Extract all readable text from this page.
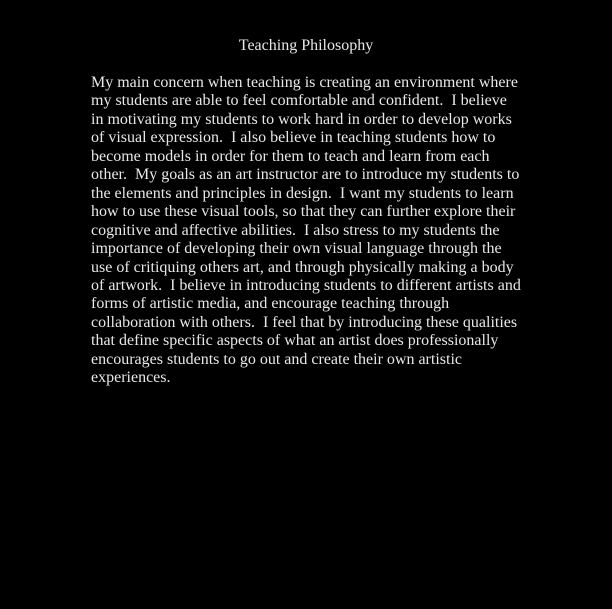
Teaching Philosophy

My main concern when teaching is creating an environment where
my students are able to feel comfortable and confident.  I believe
in motivating my students to work hard in order to develop works
of visual expression.  I also believe in teaching students how to
become models in order for them to teach and learn from each
other.  My goals as an art instructor are to introduce my students to
the elements and principles in design.  I want my students to learn
how to use these visual tools, so that they can further explore their
cognitive and affective abilities.  I also stress to my students the
importance of developing their own visual language through the
use of critiquing others art, and through physically making a body
of artwork.  I believe in introducing students to different artists and
forms of artistic media, and encourage teaching through
collaboration with others.  I feel that by introducing these qualities
that define specific aspects of what an artist does professionally
encourages students to go out and create their own artistic
experiences.
